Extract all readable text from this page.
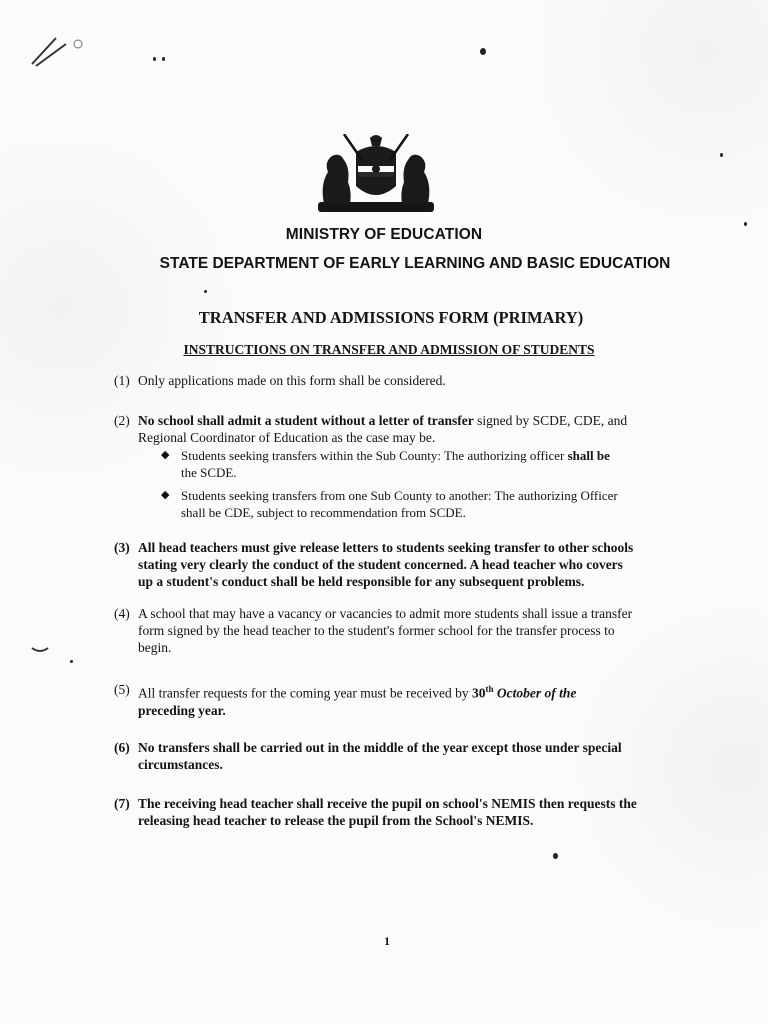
MINISTRY OF EDUCATION
STATE DEPARTMENT OF EARLY LEARNING AND BASIC EDUCATION
TRANSFER AND ADMISSIONS FORM (PRIMARY)
INSTRUCTIONS ON TRANSFER AND ADMISSION OF STUDENTS
(1) Only applications made on this form shall be considered.
(2) No school shall admit a student without a letter of transfer signed by SCDE, CDE, and
Regional Coordinator of Education as the case may be.
◆ Students seeking transfers within the Sub County: The authorizing officer shall be
the SCDE.
◆ Students seeking transfers from one Sub County to another: The authorizing Officer
shall be CDE, subject to recommendation from SCDE.
(3) All head teachers must give release letters to students seeking transfer to other schools
stating very clearly the conduct of the student concerned. A head teacher who covers
up a student's conduct shall be held responsible for any subsequent problems.
(4) A school that may have a vacancy or vacancies to admit more students shall issue a transfer
form signed by the head teacher to the student's former school for the transfer process to
begin.
(5) All transfer requests for the coming year must be received by 30th October of the
preceding year.
(6) No transfers shall be carried out in the middle of the year except those under special
circumstances.
(7) The receiving head teacher shall receive the pupil on school's NEMIS then requests the
releasing head teacher to release the pupil from the School's NEMIS.
1
